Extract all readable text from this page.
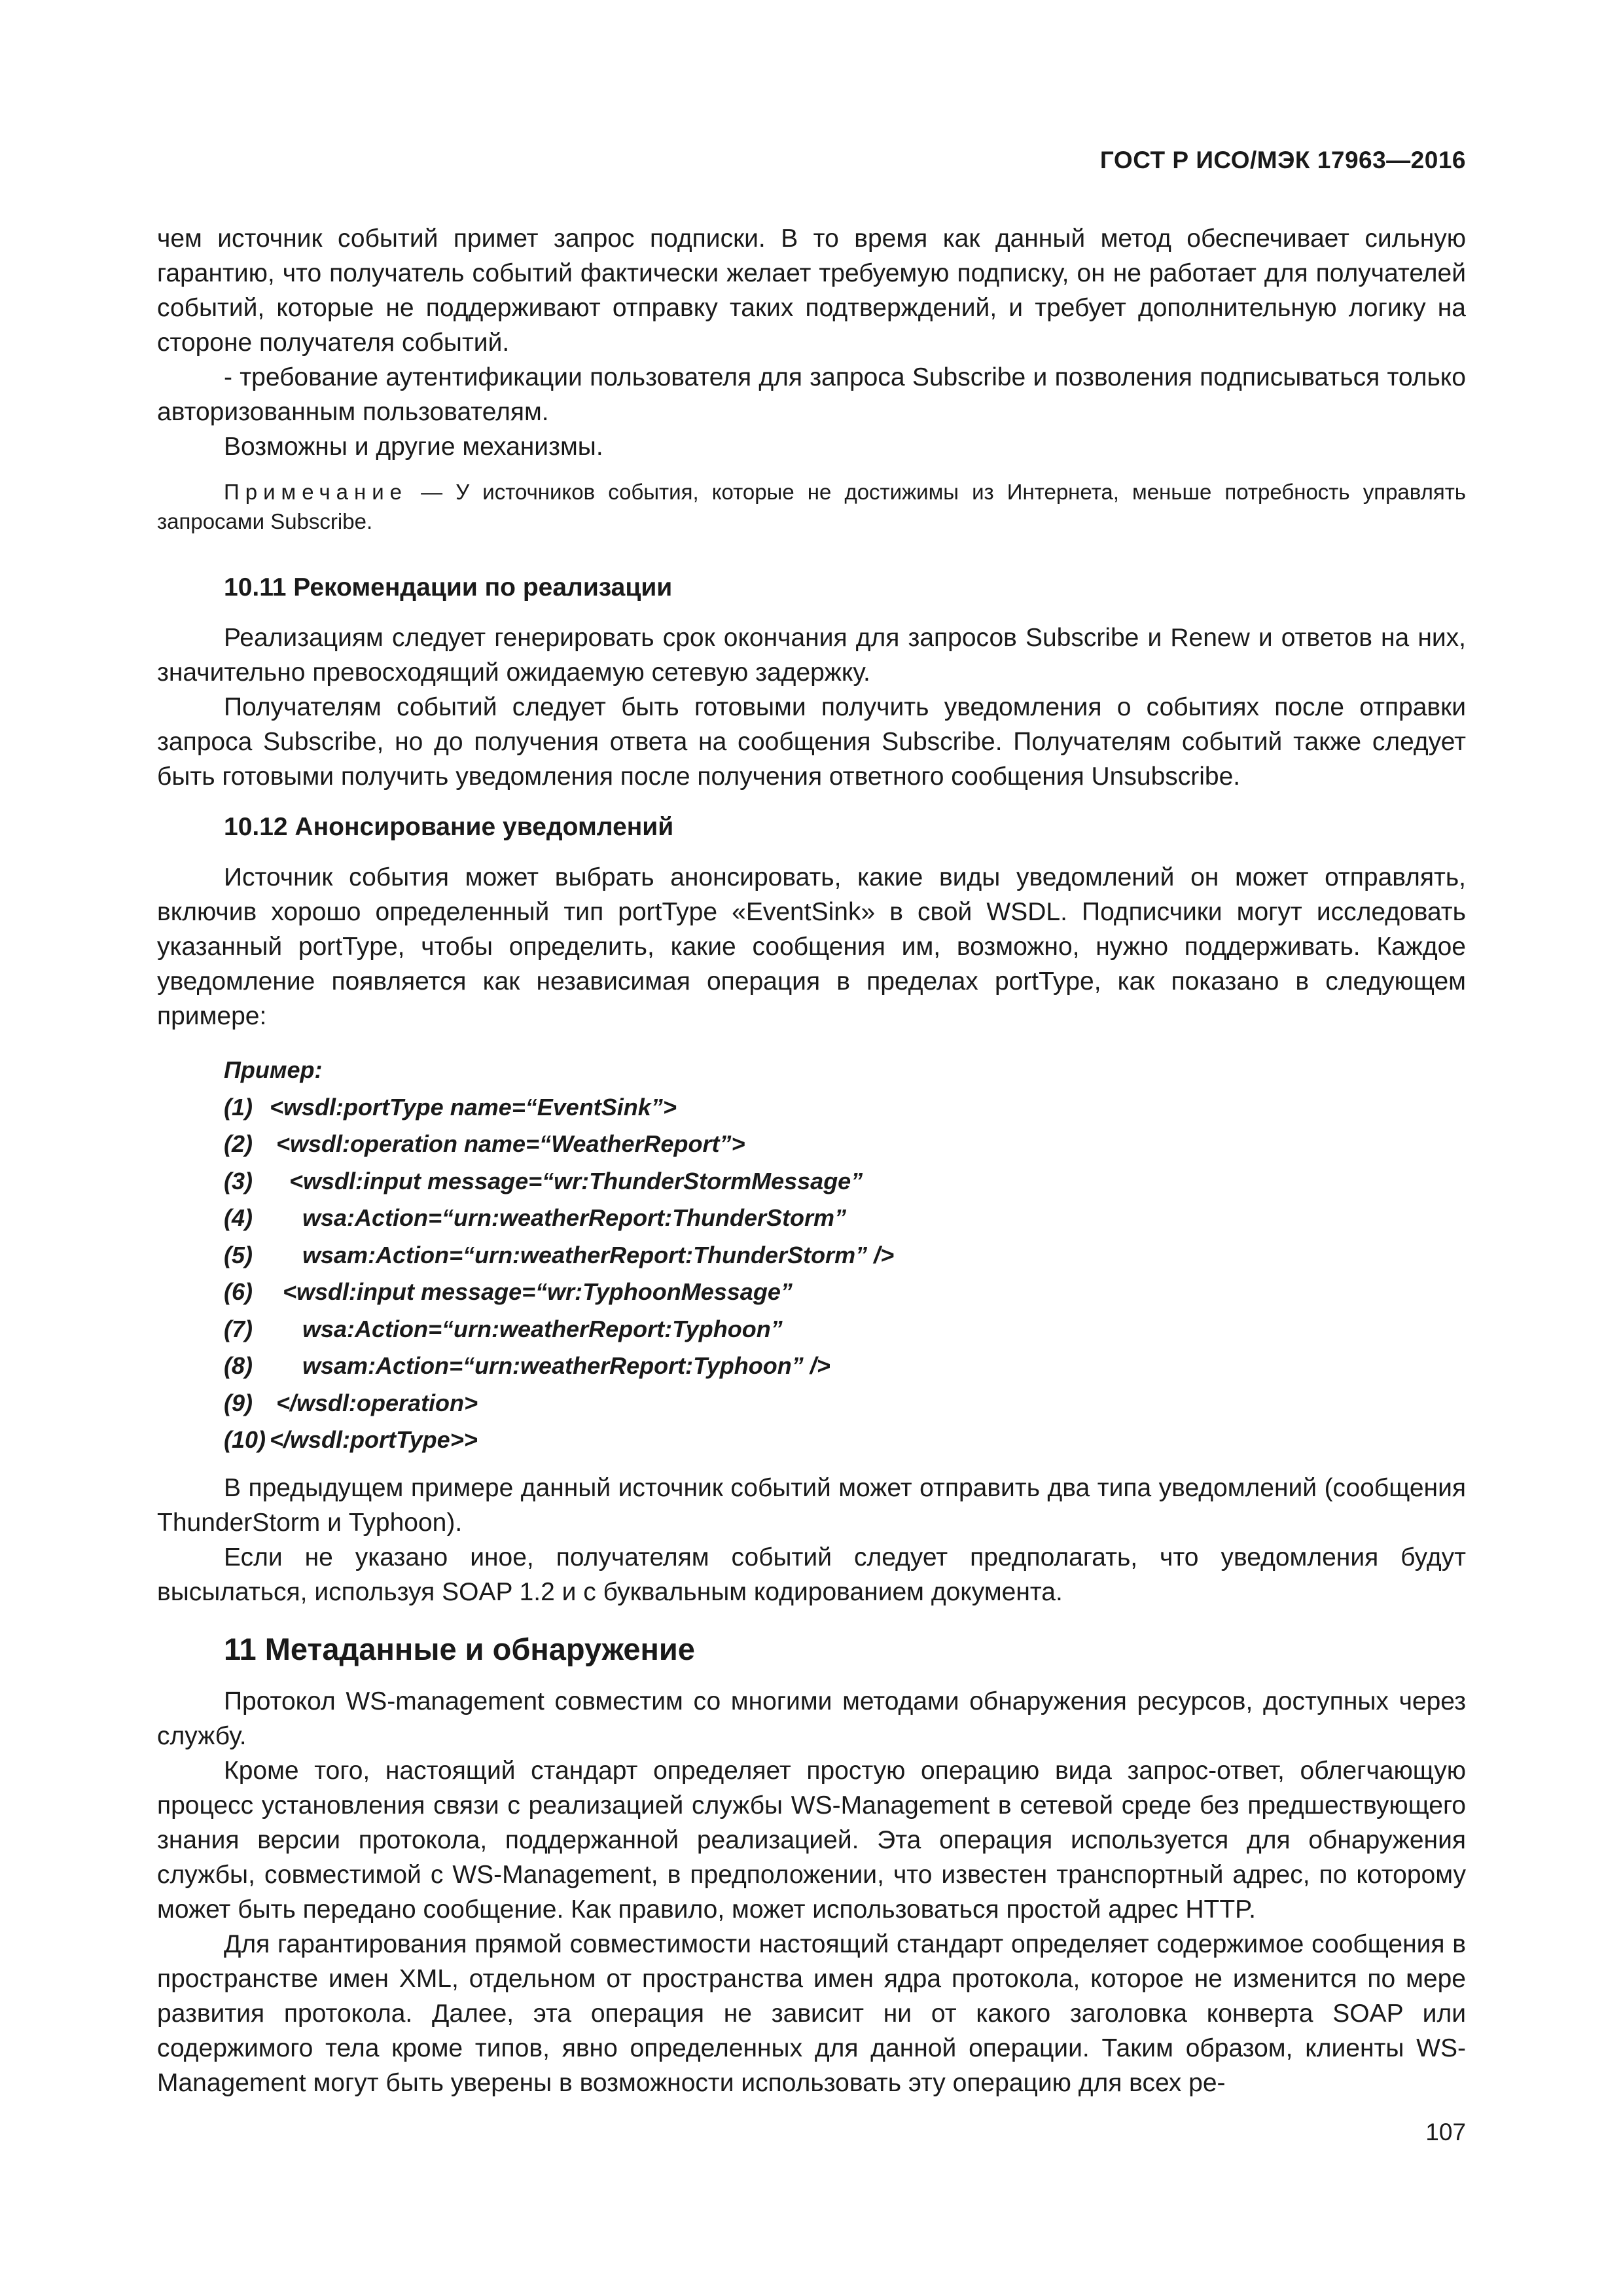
ГОСТ Р ИСО/МЭК 17963—2016

чем источник событий примет запрос подписки. В то время как данный метод обеспечивает сильную гарантию, что получатель событий фактически желает требуемую подписку, он не работает для получателей событий, которые не поддерживают отправку таких подтверждений, и требует дополнительную логику на стороне получателя событий.

- требование аутентификации пользователя для запроса Subscribe и позволения подписываться только авторизованным пользователям.

Возможны и другие механизмы.

Примечание — У источников события, которые не достижимы из Интернета, меньше потребность управлять запросами Subscribe.

10.11 Рекомендации по реализации

Реализациям следует генерировать срок окончания для запросов Subscribe и Renew и ответов на них, значительно превосходящий ожидаемую сетевую задержку.

Получателям событий следует быть готовыми получить уведомления о событиях после отправки запроса Subscribe, но до получения ответа на сообщения Subscribe. Получателям событий также следует быть готовыми получить уведомления после получения ответного сообщения Unsubscribe.

10.12 Анонсирование уведомлений

Источник события может выбрать анонсировать, какие виды уведомлений он может отправлять, включив хорошо определенный тип portType «EventSink» в свой WSDL. Подписчики могут исследовать указанный portType, чтобы определить, какие сообщения им, возможно, нужно поддерживать. Каждое уведомление появляется как независимая операция в пределах portType, как показано в следующем примере:

Пример:
(1) <wsdl:portType name=“EventSink”>
(2) <wsdl:operation name=“WeatherReport”>
(3)   <wsdl:input message=“wr:ThunderStormMessage”
(4)     wsa:Action=“urn:weatherReport:ThunderStorm”
(5)     wsam:Action=“urn:weatherReport:ThunderStorm” />
(6)  <wsdl:input message=“wr:TyphoonMessage”
(7)     wsa:Action=“urn:weatherReport:Typhoon”
(8)     wsam:Action=“urn:weatherReport:Typhoon” />
(9) </wsdl:operation>
(10) </wsdl:portType>>

В предыдущем примере данный источник событий может отправить два типа уведомлений (сообщения ThunderStorm и Typhoon).

Если не указано иное, получателям событий следует предполагать, что уведомления будут высылаться, используя SOAP 1.2 и с буквальным кодированием документа.

11 Метаданные и обнаружение

Протокол WS-management совместим со многими методами обнаружения ресурсов, доступных через службу.

Кроме того, настоящий стандарт определяет простую операцию вида запрос-ответ, облегчающую процесс установления связи с реализацией службы WS-Management в сетевой среде без предшествующего знания версии протокола, поддержанной реализацией. Эта операция используется для обнаружения службы, совместимой с WS-Management, в предположении, что известен транспортный адрес, по которому может быть передано сообщение. Как правило, может использоваться простой адрес HTTP.

Для гарантирования прямой совместимости настоящий стандарт определяет содержимое сообщения в пространстве имен XML, отдельном от пространства имен ядра протокола, которое не изменится по мере развития протокола. Далее, эта операция не зависит ни от какого заголовка конверта SOAP или содержимого тела кроме типов, явно определенных для данной операции. Таким образом, клиенты WS-Management могут быть уверены в возможности использовать эту операцию для всех ре-

107
